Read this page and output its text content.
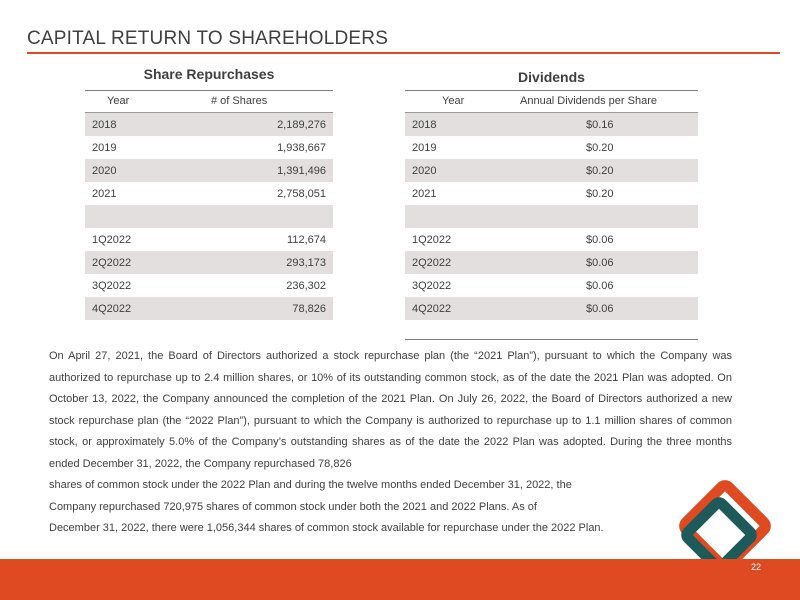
CAPITAL RETURN TO SHAREHOLDERS
Share Repurchases
Year	# of Shares
2018	2,189,276
2019	1,938,667
2020	1,391,496
2021	2,758,051
1Q2022	112,674
2Q2022	293,173
3Q2022	236,302
4Q2022	78,826
Dividends
Year	Annual Dividends per Share
2018	$0.16
2019	$0.20
2020	$0.20
2021	$0.20
1Q2022	$0.06
2Q2022	$0.06
3Q2022	$0.06
4Q2022	$0.06

On April 27, 2021, the Board of Directors authorized a stock repurchase plan (the “2021 Plan”), pursuant to which the Company was authorized to repurchase up to 2.4 million shares, or 10% of its outstanding common stock, as of the date the 2021 Plan was adopted. On October 13, 2022, the Company announced the completion of the 2021 Plan. On July 26, 2022, the Board of Directors authorized a new stock repurchase plan (the “2022 Plan”), pursuant to which the Company is authorized to repurchase up to 1.1 million shares of common stock, or approximately 5.0% of the Company’s outstanding shares as of the date the 2022 Plan was adopted. During the three months ended December 31, 2022, the Company repurchased 78,826

shares of common stock under the 2022 Plan and during the twelve months ended December 31, 2022, the

Company repurchased 720,975 shares of common stock under both the 2021 and 2022 Plans. As of

December 31, 2022, there were 1,056,344 shares of common stock available for repurchase under the 2022 Plan.

22
